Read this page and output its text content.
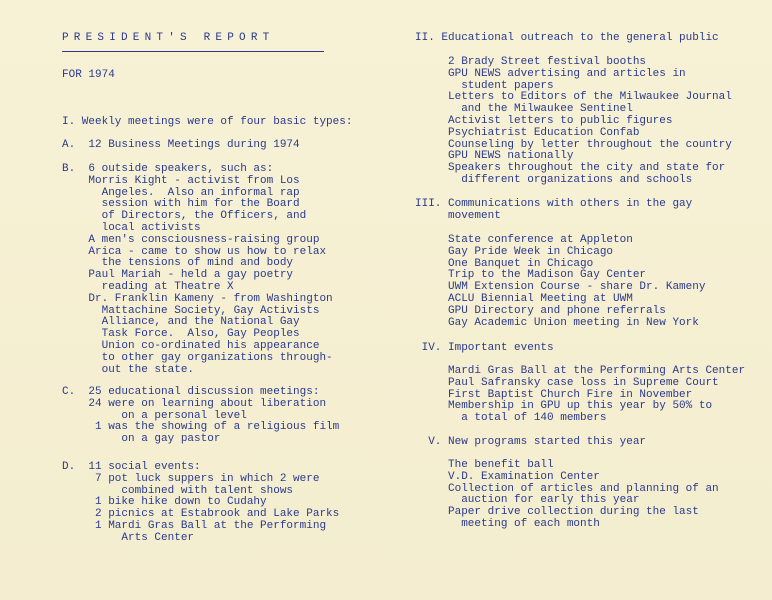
PRESIDENT'S REPORT
FOR 1974
I. Weekly meetings were of four basic types:
A.  12 Business Meetings during 1974
B.  6 outside speakers, such as:
Morris Kight - activist from Los
Angeles.  Also an informal rap
session with him for the Board
of Directors, the Officers, and
local activists
A men's consciousness-raising group
Arica - came to show us how to relax
the tensions of mind and body
Paul Mariah - held a gay poetry
reading at Theatre X
Dr. Franklin Kameny - from Washington
Mattachine Society, Gay Activists
Alliance, and the National Gay
Task Force.  Also, Gay Peoples
Union co-ordinated his appearance
to other gay organizations through-
out the state.
C.  25 educational discussion meetings:
24 were on learning about liberation
on a personal level
1 was the showing of a religious film
on a gay pastor
D.  11 social events:
7 pot luck suppers in which 2 were
combined with talent shows
1 bike hike down to Cudahy
2 picnics at Estabrook and Lake Parks
1 Mardi Gras Ball at the Performing
Arts Center
II. Educational outreach to the general public
2 Brady Street festival booths
GPU NEWS advertising and articles in
student papers
Letters to Editors of the Milwaukee Journal
and the Milwaukee Sentinel
Activist letters to public figures
Psychiatrist Education Confab
Counseling by letter throughout the country
GPU NEWS nationally
Speakers throughout the city and state for
different organizations and schools
III. Communications with others in the gay
movement
State conference at Appleton
Gay Pride Week in Chicago
One Banquet in Chicago
Trip to the Madison Gay Center
UWM Extension Course - share Dr. Kameny
ACLU Biennial Meeting at UWM
GPU Directory and phone referrals
Gay Academic Union meeting in New York
IV. Important events
Mardi Gras Ball at the Performing Arts Center
Paul Safransky case loss in Supreme Court
First Baptist Church Fire in November
Membership in GPU up this year by 50% to
a total of 140 members
V. New programs started this year
The benefit ball
V.D. Examination Center
Collection of articles and planning of an
auction for early this year
Paper drive collection during the last
meeting of each month
